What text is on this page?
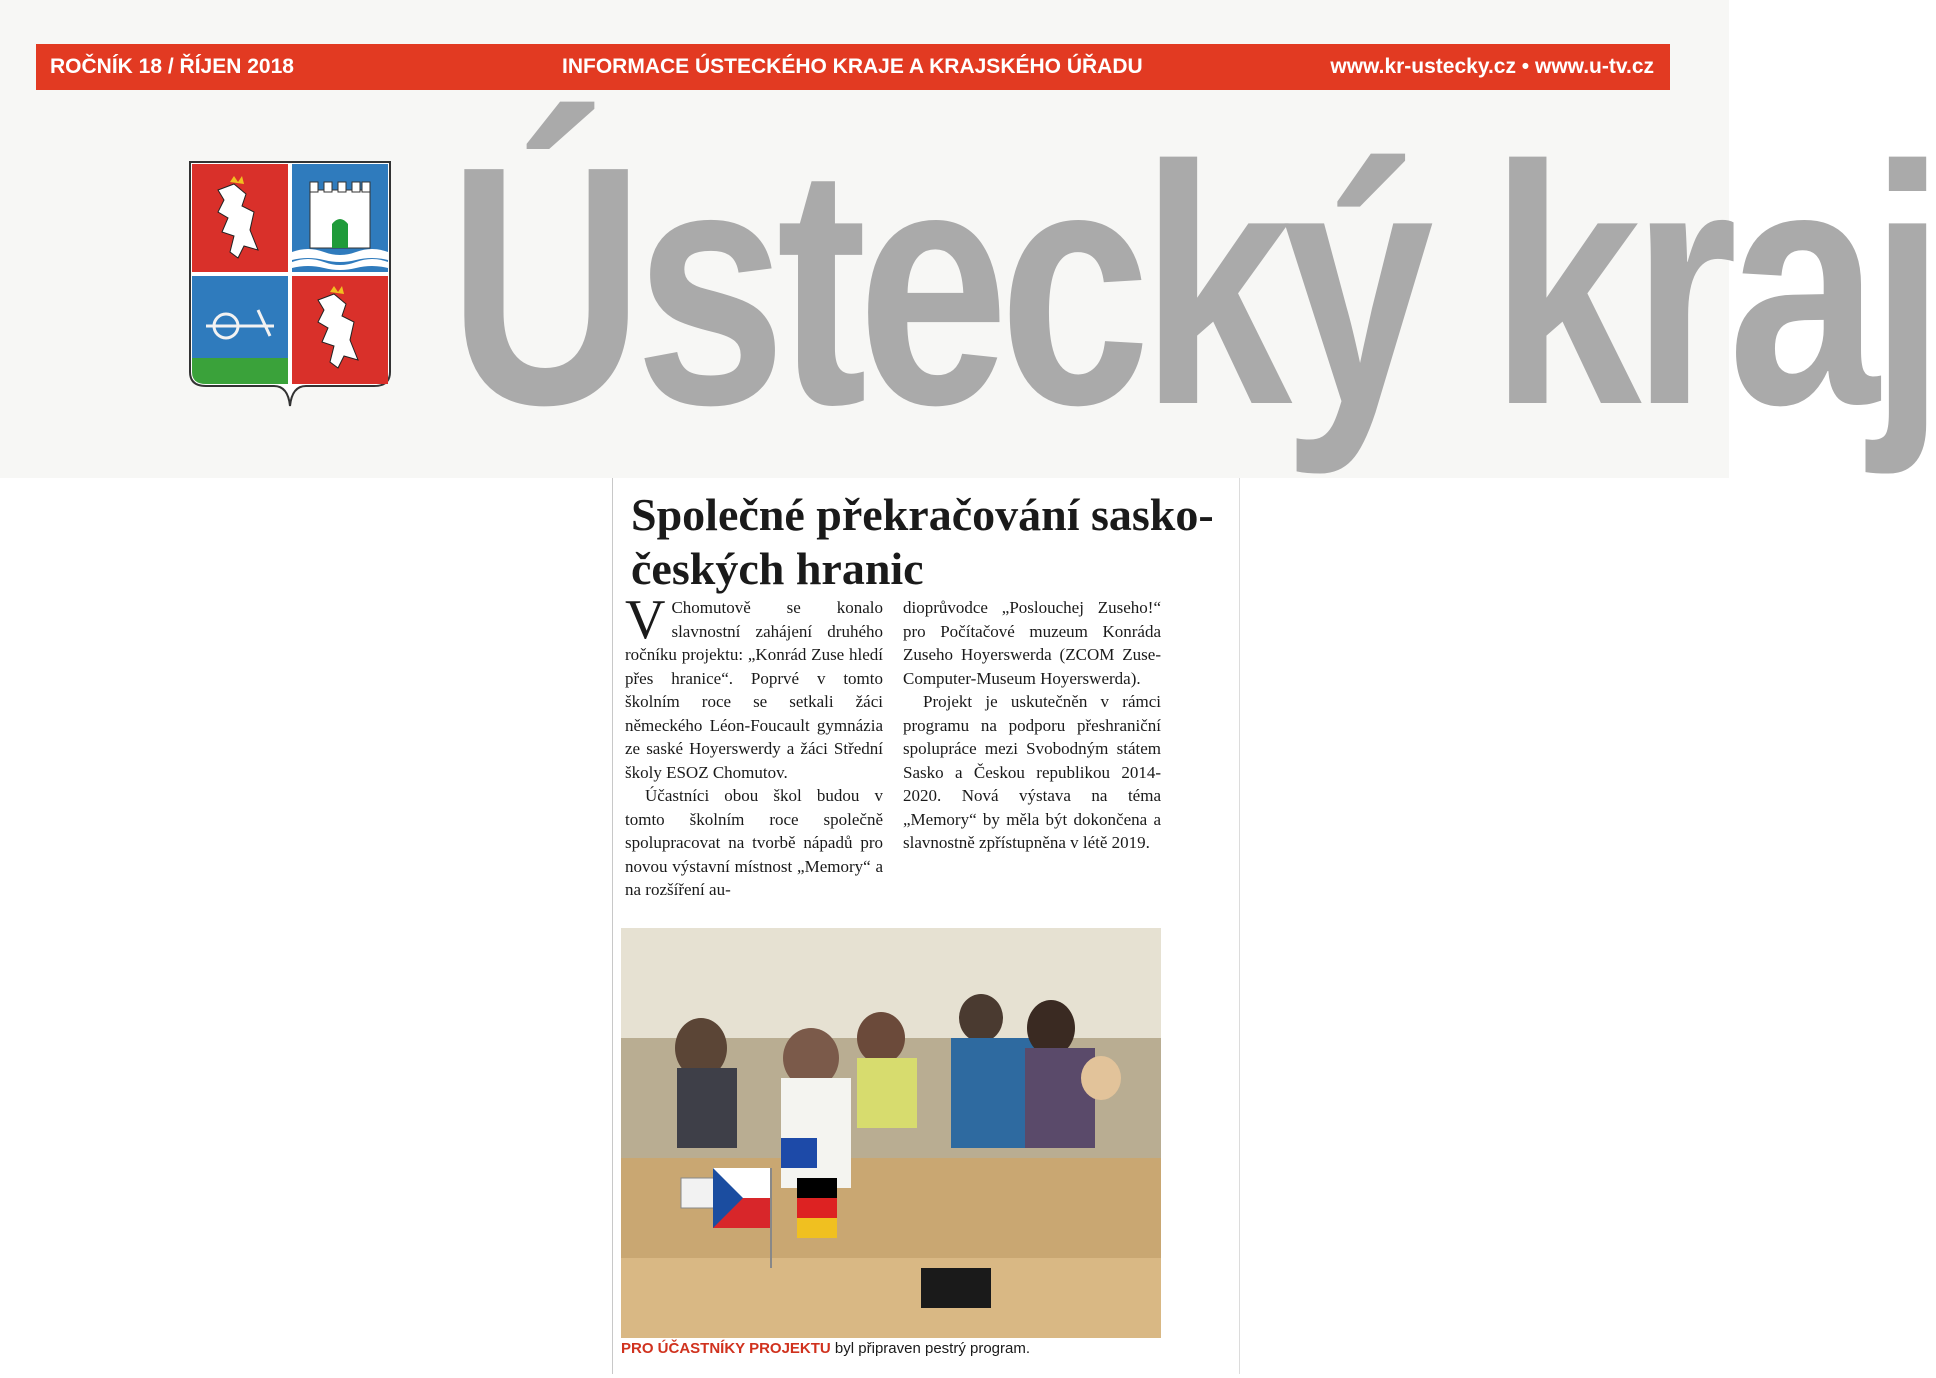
ROČNÍK 18 / ŘÍJEN 2018	INFORMACE ÚSTECKÉHO KRAJE A KRAJSKÉHO ÚŘADU	www.kr-ustecky.cz • www.u-tv.cz
Ústecký kraj
Společné překračování sasko-českých hranic

V Chomutově se konalo slavnostní zahájení druhého ročníku projektu: „Konrád Zuse hledí přes hranice“. Poprvé v tomto školním roce se setkali žáci německého Léon-Foucault gymnázia ze saské Hoyerswerdy a žáci Střední školy ESOZ Chomutov.

Účastníci obou škol budou v tomto školním roce společně spolupracovat na tvorbě nápadů pro novou výstavní místnost „Memory“ a na rozšíření au-

dioprůvodce „Poslouchej Zuseho!“ pro Počítačové muzeum Konráda Zuseho Hoyerswerda (ZCOM Zuse-Computer-Museum Hoyerswerda).

Projekt je uskutečněn v rámci programu na podporu přeshraniční spolupráce mezi Svobodným státem Sasko a Českou republikou 2014-2020. Nová výstava na téma „Memory“ by měla být dokončena a slavnostně zpřístupněna v létě 2019.

PRO ÚČASTNÍKY PROJEKTU byl připraven pestrý program.
